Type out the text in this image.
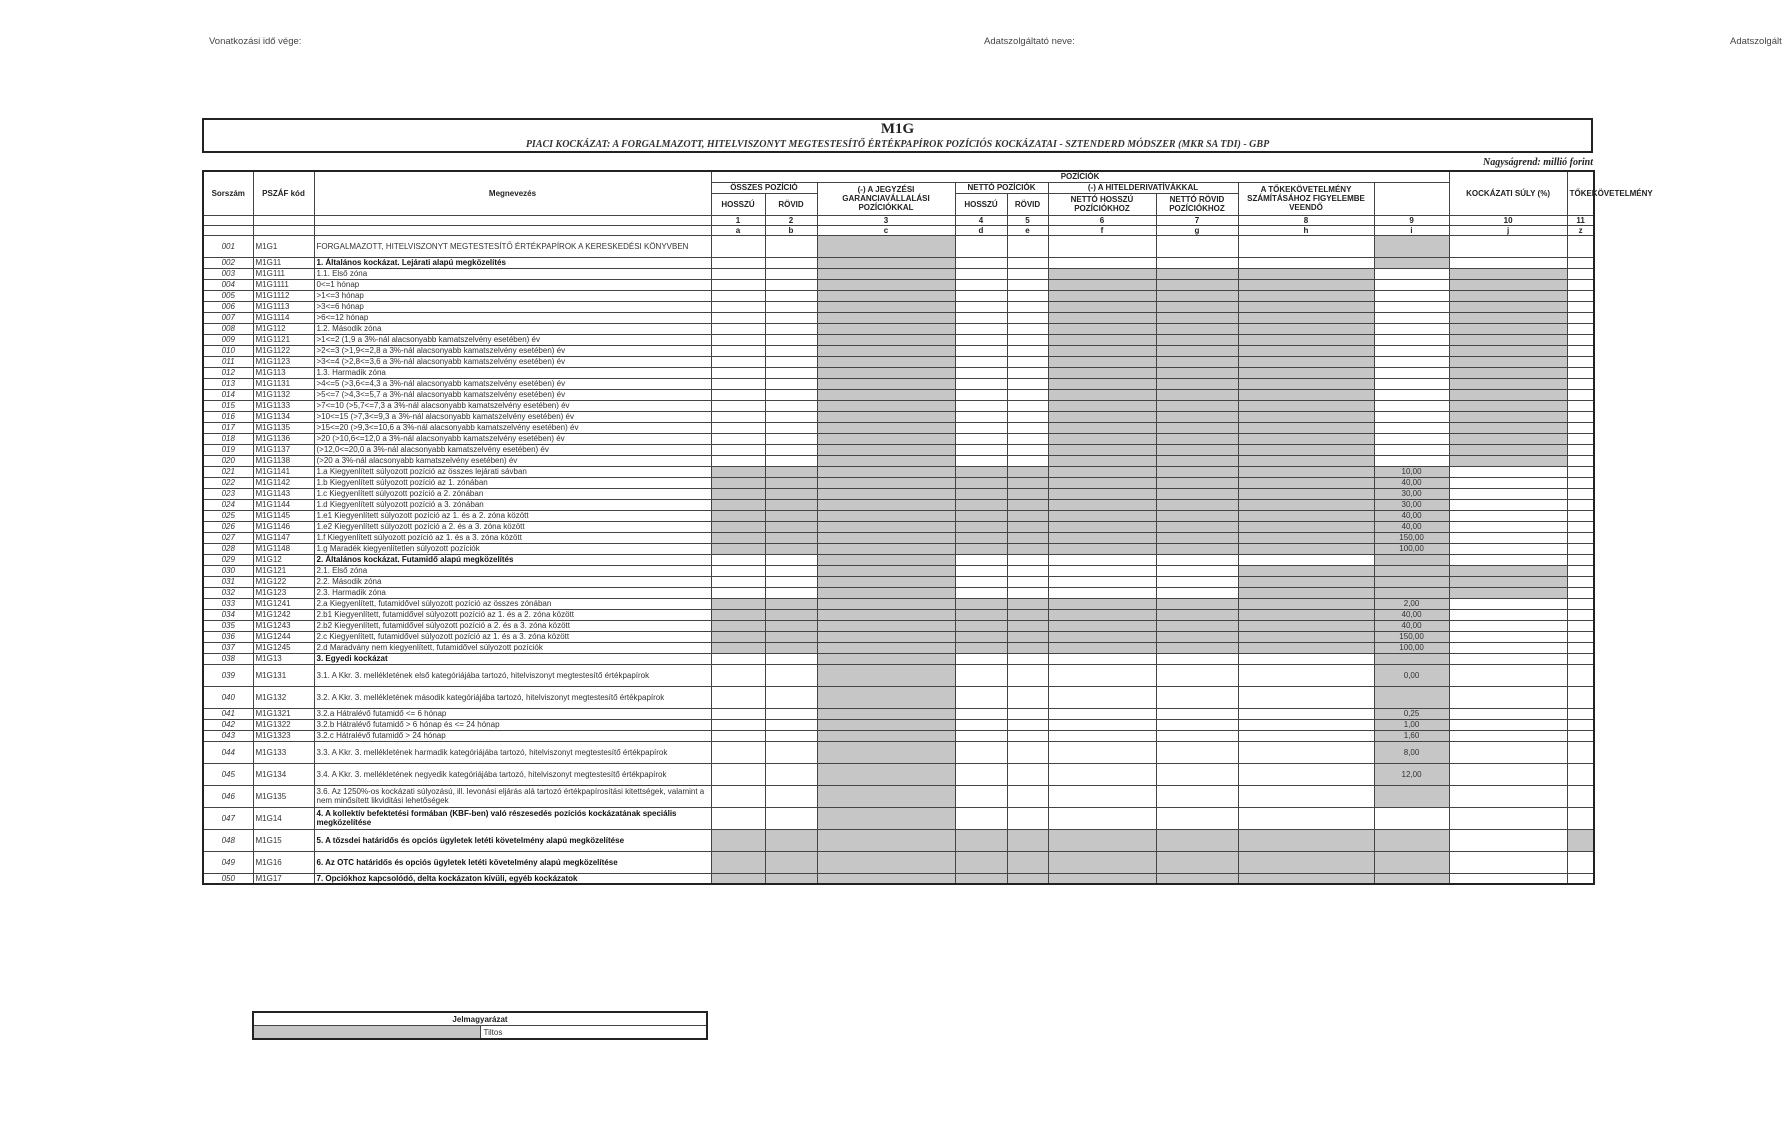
Vonatkozási idő vége:	Adatszolgáltató neve:	Adatszolgált
M1G
PIACI KOCKÁZAT: A FORGALMAZOTT, HITELVISZONYT MEGTESTESÍTŐ ÉRTÉKPAPÍROK POZÍCIÓS KOCKÁZATAI - SZTENDERD MÓDSZER (MKR SA TDI) - GBP
Nagyságrend: millió forint
Sorszám	PSZÁF kód	Megnevezés	POZÍCIÓK									KOCKÁZATI SÚLY (%)	TŐKEKÖVETELMÉNY	
			ÖSSZES POZÍCIÓ		(-) A JEGYZÉSI GARANCIAVÁLLALÁSI POZÍCIÓKKAL	NETTÓ POZÍCIÓK		(-) A HITELDERIVATÍVÁKKAL		A TŐKEKÖVETELMÉNY SZÁMÍTÁSÁHOZ FIGYELEMBE VEENDŐ				
			HOSSZÚ	RÖVID		HOSSZÚ	RÖVID	NETTÓ HOSSZÚ POZÍCIÓKHOZ	NETTÓ RÖVID POZÍCIÓKHOZ					
			1	2	3	4	5	6	7	8	9	10	11	
			a	b	c	d	e	f	g	h	i	j	z	
001	M1G1	FORGALMAZOTT, HITELVISZONYT MEGTESTESÍTŐ ÉRTÉKPAPÍROK A KERESKEDÉSI KÖNYVBEN												
002	M1G11	1. Általános kockázat. Lejárati alapú megközelítés												
003	M1G111	1.1. Első zóna												
004	M1G1111	0<=1 hónap												
005	M1G1112	>1<=3 hónap												
006	M1G1113	>3<=6 hónap												
007	M1G1114	>6<=12 hónap												
008	M1G112	1.2. Második zóna												
009	M1G1121	>1<=2 (1,9 a 3%-nál alacsonyabb kamatszelvény esetében) év												
010	M1G1122	>2<=3 (>1,9<=2,8 a 3%-nál alacsonyabb kamatszelvény esetében) év												
011	M1G1123	>3<=4 (>2,8<=3,6 a 3%-nál alacsonyabb kamatszelvény esetében) év												
012	M1G113	1.3. Harmadik zóna												
013	M1G1131	>4<=5 (>3,6<=4,3 a 3%-nál alacsonyabb kamatszelvény esetében) év												
014	M1G1132	>5<=7 (>4,3<=5,7 a 3%-nál alacsonyabb kamatszelvény esetében) év												
015	M1G1133	>7<=10 (>5,7<=7,3 a 3%-nál alacsonyabb kamatszelvény esetében) év												
016	M1G1134	>10<=15 (>7,3<=9,3 a 3%-nál alacsonyabb kamatszelvény esetében) év												
017	M1G1135	>15<=20 (>9,3<=10,6 a 3%-nál alacsonyabb kamatszelvény esetében) év												
018	M1G1136	>20 (>10,6<=12,0 a 3%-nál alacsonyabb kamatszelvény esetében) év												
019	M1G1137	(>12,0<=20,0 a 3%-nál alacsonyabb kamatszelvény esetében) év												
020	M1G1138	(>20 a 3%-nál alacsonyabb kamatszelvény esetében) év												
021	M1G1141	1.a Kiegyenlített súlyozott pozíció az összes lejárati sávban									10,00			
022	M1G1142	1.b Kiegyenlített súlyozott pozíció az 1. zónában									40,00			
023	M1G1143	1.c Kiegyenlített súlyozott pozíció a 2. zónában									30,00			
024	M1G1144	1.d Kiegyenlített súlyozott pozíció a 3. zónában									30,00			
025	M1G1145	1.e1 Kiegyenlített súlyozott pozíció az 1. és a 2. zóna között									40,00			
026	M1G1146	1.e2 Kiegyenlített súlyozott pozíció a 2. és a 3. zóna között									40,00			
027	M1G1147	1.f Kiegyenlített súlyozott pozíció az 1. és a 3. zóna között									150,00			
028	M1G1148	1.g Maradék kiegyenlítetlen súlyozott pozíciók									100,00			
029	M1G12	2. Általános kockázat. Futamidő alapú megközelítés												
030	M1G121	2.1. Első zóna												
031	M1G122	2.2. Második zóna												
032	M1G123	2.3. Harmadik zóna												
033	M1G1241	2.a Kiegyenlített, futamidővel súlyozott pozíció az összes zónában									2,00			
034	M1G1242	2.b1 Kiegyenlített, futamidővel súlyozott pozíció az 1. és a 2. zóna között									40,00			
035	M1G1243	2.b2 Kiegyenlített, futamidővel súlyozott pozíció a 2. és a 3. zóna között									40,00			
036	M1G1244	2.c Kiegyenlített, futamidővel súlyozott pozíció az 1. és a 3. zóna között									150,00			
037	M1G1245	2.d Maradvány nem kiegyenlített, futamidővel súlyozott pozíciók									100,00			
038	M1G13	3. Egyedi kockázat												
039	M1G131	3.1. A Kkr. 3. mellékletének első kategóriájába tartozó, hitelviszonyt megtestesítő értékpapírok									0,00			
040	M1G132	3.2. A Kkr. 3. mellékletének második kategóriájába tartozó, hitelviszonyt megtestesítő értékpapírok												
041	M1G1321	3.2.a Hátralévő futamidő <= 6 hónap									0,25			
042	M1G1322	3.2.b Hátralévő futamidő > 6 hónap és <= 24 hónap									1,00			
043	M1G1323	3.2.c Hátralévő futamidő > 24 hónap									1,60			
044	M1G133	3.3. A Kkr. 3. mellékletének harmadik kategóriájába tartozó, hitelviszonyt megtestesítő értékpapírok									8,00			
045	M1G134	3.4. A Kkr. 3. mellékletének negyedik kategóriájába tartozó, hitelviszonyt megtestesítő értékpapírok									12,00			
046	M1G135	3.6. Az 1250%-os kockázati súlyozású, ill. levonási eljárás alá tartozó értékpapírosítási kitettségek, valamint a nem minősített likviditási lehetőségek												
047	M1G14	4. A kollektív befektetési formában (KBF-ben) való részesedés pozíciós kockázatának speciális megközelítése												
048	M1G15	5. A tőzsdei határidős és opciós ügyletek letéti követelmény alapú megközelítése												
049	M1G16	6. Az OTC határidős és opciós ügyletek letéti követelmény alapú megközelítése												
050	M1G17	7. Opciókhoz kapcsolódó, delta kockázaton kívüli, egyéb kockázatok												
Jelmagyarázat
	Tiltos
